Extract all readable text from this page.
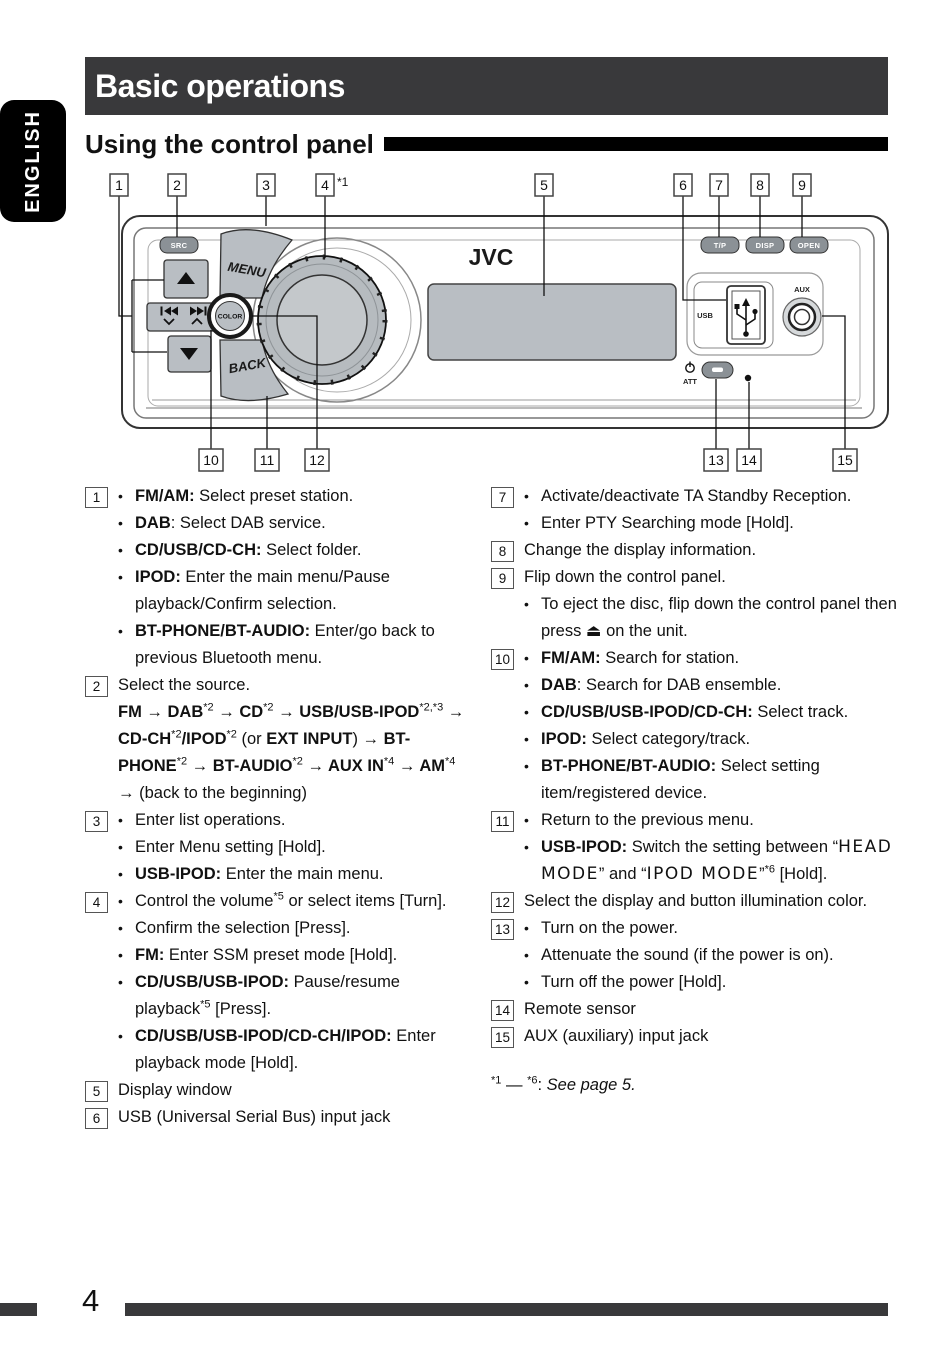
ENGLISH
Basic operations
Using the control panel
SRC
MENU
BACK
COLOR
JVC	T/P	DISP	OPEN
USB
AUX
ATT
1	2	3	4 *1	5	6 7 8 9
10	11 12	13 14	15
1	• FM/AM: Select preset station.
• DAB: Select DAB service.
• CD/USB/CD-CH: Select folder.
• IPOD: Enter the main menu/Pause playback/Confirm selection.
• BT-PHONE/BT-AUDIO: Enter/go back to previous Bluetooth menu.
2	Select the source.
FM → $DAB^{*2} \to CD^{*2}$ → USB/$USB-IPOD^{*2,*3}$ → $CD-CH^{*2}/IPOD^{*2}$ (or EXT INPUT) → $BT-PHONE^{*2}$ → $BT-AUDIO^{*2}$ → AUX $IN^{*4} \to AM^{*4}$ → (back to the beginning)
3	• Enter list operations.
• Enter Menu setting [Hold].
• USB-IPOD: Enter the main menu.
4	• Control the volume$^{*5}$ or select items [Turn].
• Confirm the selection [Press].
• FM: Enter SSM preset mode [Hold].
• CD/USB/USB-IPOD: Pause/resume playback$^{*5}$ [Press].
• CD/USB/USB-IPOD/CD-CH/IPOD: Enter playback mode [Hold].
5	Display window
6	USB (Universal Serial Bus) input jack
7	• Activate/deactivate TA Standby Reception.
• Enter PTY Searching mode [Hold].
8	Change the display information.
9	Flip down the control panel.
• To eject the disc, flip down the control panel then press ⏏ on the unit.
10 • FM/AM: Search for station.
• DAB: Search for DAB ensemble.
• CD/USB/USB-IPOD/CD-CH: Select track.
• IPOD: Select category/track.
• BT-PHONE/BT-AUDIO: Select setting item/registered device.
11	• Return to the previous menu.
• USB-IPOD: Switch the setting between “HEAD MODE” and “IPOD MODE”$^{*6}$ [Hold].
12 Select the display and button illumination color.
13 • Turn on the power.
• Attenuate the sound (if the power is on).
• Turn off the power [Hold].
14 Remote sensor
15 AUX (auxiliary) input jack
$^{*1}$ — $^{*6}$: See page 5.
4
